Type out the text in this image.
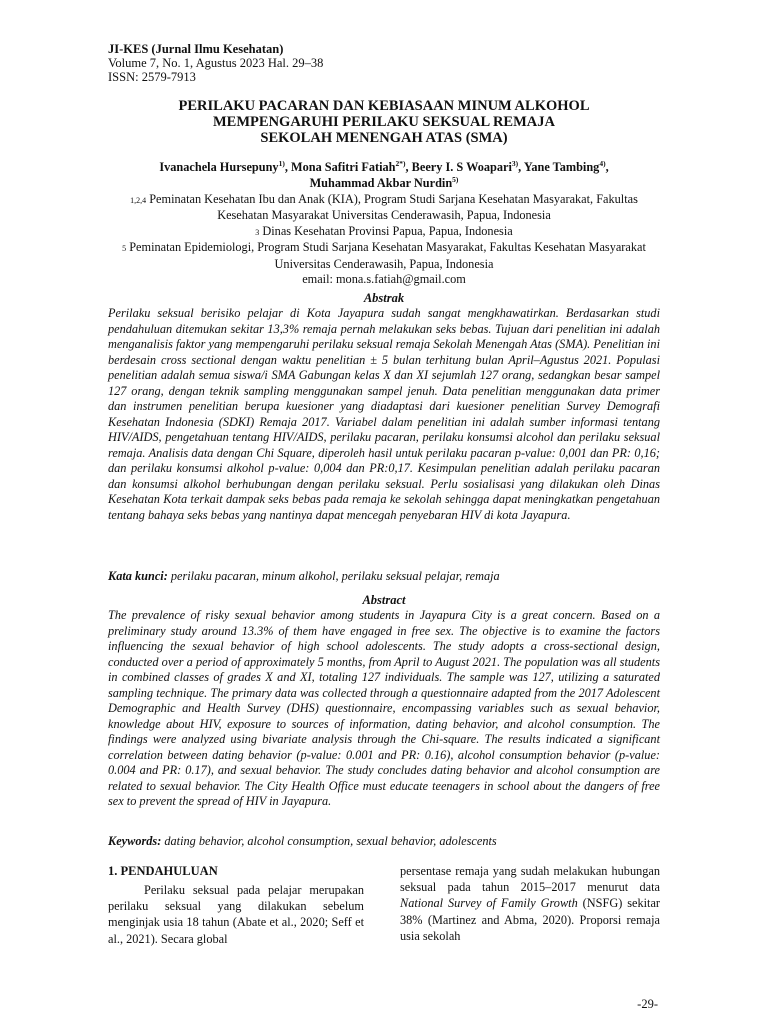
JI-KES (Jurnal Ilmu Kesehatan)
Volume 7, No. 1, Agustus 2023 Hal. 29–38
ISSN: 2579-7913
PERILAKU PACARAN DAN KEBIASAAN MINUM ALKOHOL
MEMPENGARUHI PERILAKU SEKSUAL REMAJA
SEKOLAH MENENGAH ATAS (SMA)
Ivanachela Hursepuny$^{1)}$, Mona Safitri Fatiah$^{2*)}$, Beery I. S Woapari$^{3)}$, Yane Tambing$^{4)}$,
Muhammad Akbar Nurdin$^{5)}$
1,2,4 Peminatan Kesehatan Ibu dan Anak (KIA), Program Studi Sarjana Kesehatan Masyarakat, Fakultas Kesehatan Masyarakat Universitas Cenderawasih, Papua, Indonesia
3 Dinas Kesehatan Provinsi Papua, Papua, Indonesia
5 Peminatan Epidemiologi, Program Studi Sarjana Kesehatan Masyarakat, Fakultas Kesehatan Masyarakat Universitas Cenderawasih, Papua, Indonesia
email: mona.s.fatiah@gmail.com
Abstrak
Perilaku seksual berisiko pelajar di Kota Jayapura sudah sangat mengkhawatirkan. Berdasarkan studi pendahuluan ditemukan sekitar 13,3% remaja pernah melakukan seks bebas. Tujuan dari penelitian ini adalah menganalisis faktor yang mempengaruhi perilaku seksual remaja Sekolah Menengah Atas (SMA). Penelitian ini berdesain cross sectional dengan waktu penelitian ± 5 bulan terhitung bulan April–Agustus 2021. Populasi penelitian adalah semua siswa/i SMA Gabungan kelas X dan XI sejumlah 127 orang, sedangkan besar sampel 127 orang, dengan teknik sampling menggunakan sampel jenuh. Data penelitian menggunakan data primer dan instrumen penelitian berupa kuesioner yang diadaptasi dari kuesioner penelitian Survey Demografi Kesehatan Indonesia (SDKI) Remaja 2017. Variabel dalam penelitian ini adalah sumber informasi tentang HIV/AIDS, pengetahuan tentang HIV/AIDS, perilaku pacaran, perilaku konsumsi alcohol dan perilaku seksual remaja. Analisis data dengan Chi Square, diperoleh hasil untuk perilaku pacaran p-value: 0,001 dan PR: 0,16; dan perilaku konsumsi alkohol p-value: 0,004 dan PR:0,17. Kesimpulan penelitian adalah perilaku pacaran dan konsumsi alkohol berhubungan dengan perilaku seksual. Perlu sosialisasi yang dilakukan oleh Dinas Kesehatan Kota terkait dampak seks bebas pada remaja ke sekolah sehingga dapat meningkatkan pengetahuan tentang bahaya seks bebas yang nantinya dapat mencegah penyebaran HIV di kota Jayapura.
Kata kunci: perilaku pacaran, minum alkohol, perilaku seksual pelajar, remaja
Abstract
The prevalence of risky sexual behavior among students in Jayapura City is a great concern. Based on a preliminary study around 13.3% of them have engaged in free sex. The objective is to examine the factors influencing the sexual behavior of high school adolescents. The study adopts a cross-sectional design, conducted over a period of approximately 5 months, from April to August 2021. The population was all students in combined classes of grades X and XI, totaling 127 individuals. The sample was 127, utilizing a saturated sampling technique. The primary data was collected through a questionnaire adapted from the 2017 Adolescent Demographic and Health Survey (DHS) questionnaire, encompassing variables such as sexual behavior, knowledge about HIV, exposure to sources of information, dating behavior, and alcohol consumption. The findings were analyzed using bivariate analysis through the Chi-square. The results indicated a significant correlation between dating behavior (p-value: 0.001 and PR: 0.16), alcohol consumption behavior (p-value: 0.004 and PR: 0.17), and sexual behavior. The study concludes dating behavior and alcohol consumption are related to sexual behavior. The City Health Office must educate teenagers in school about the dangers of free sex to prevent the spread of HIV in Jayapura.
Keywords: dating behavior, alcohol consumption, sexual behavior, adolescents
1. PENDAHULUAN
Perilaku seksual pada pelajar merupakan perilaku seksual yang dilakukan sebelum menginjak usia 18 tahun (Abate et al., 2020; Seff et al., 2021). Secara global
persentase remaja yang sudah melakukan hubungan seksual pada tahun 2015–2017 menurut data National Survey of Family Growth (NSFG) sekitar 38% (Martinez and Abma, 2020). Proporsi remaja usia sekolah
-29-
